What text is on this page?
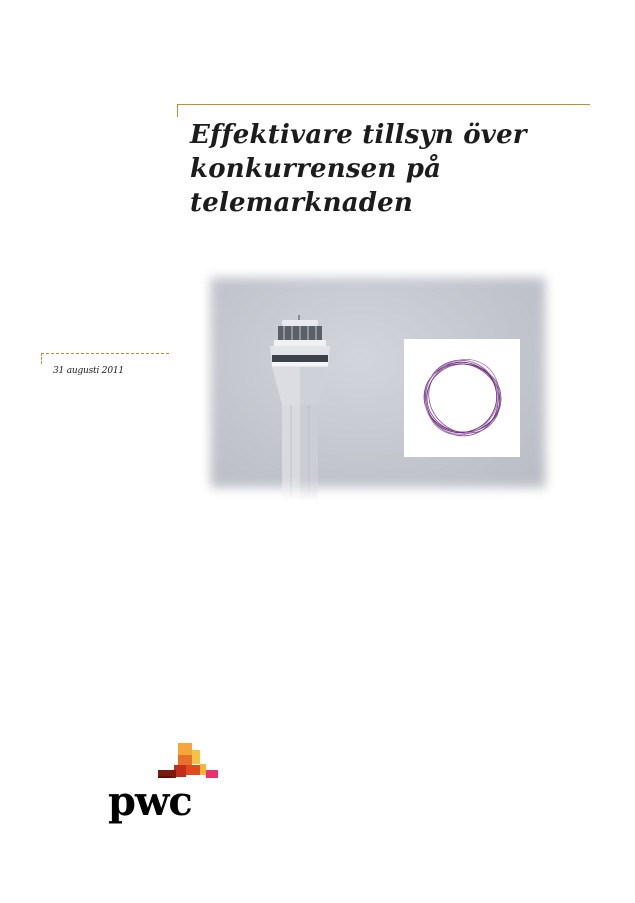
Effektivare tillsyn över
konkurrensen på
telemarknaden
31 augusti 2011
pwc
